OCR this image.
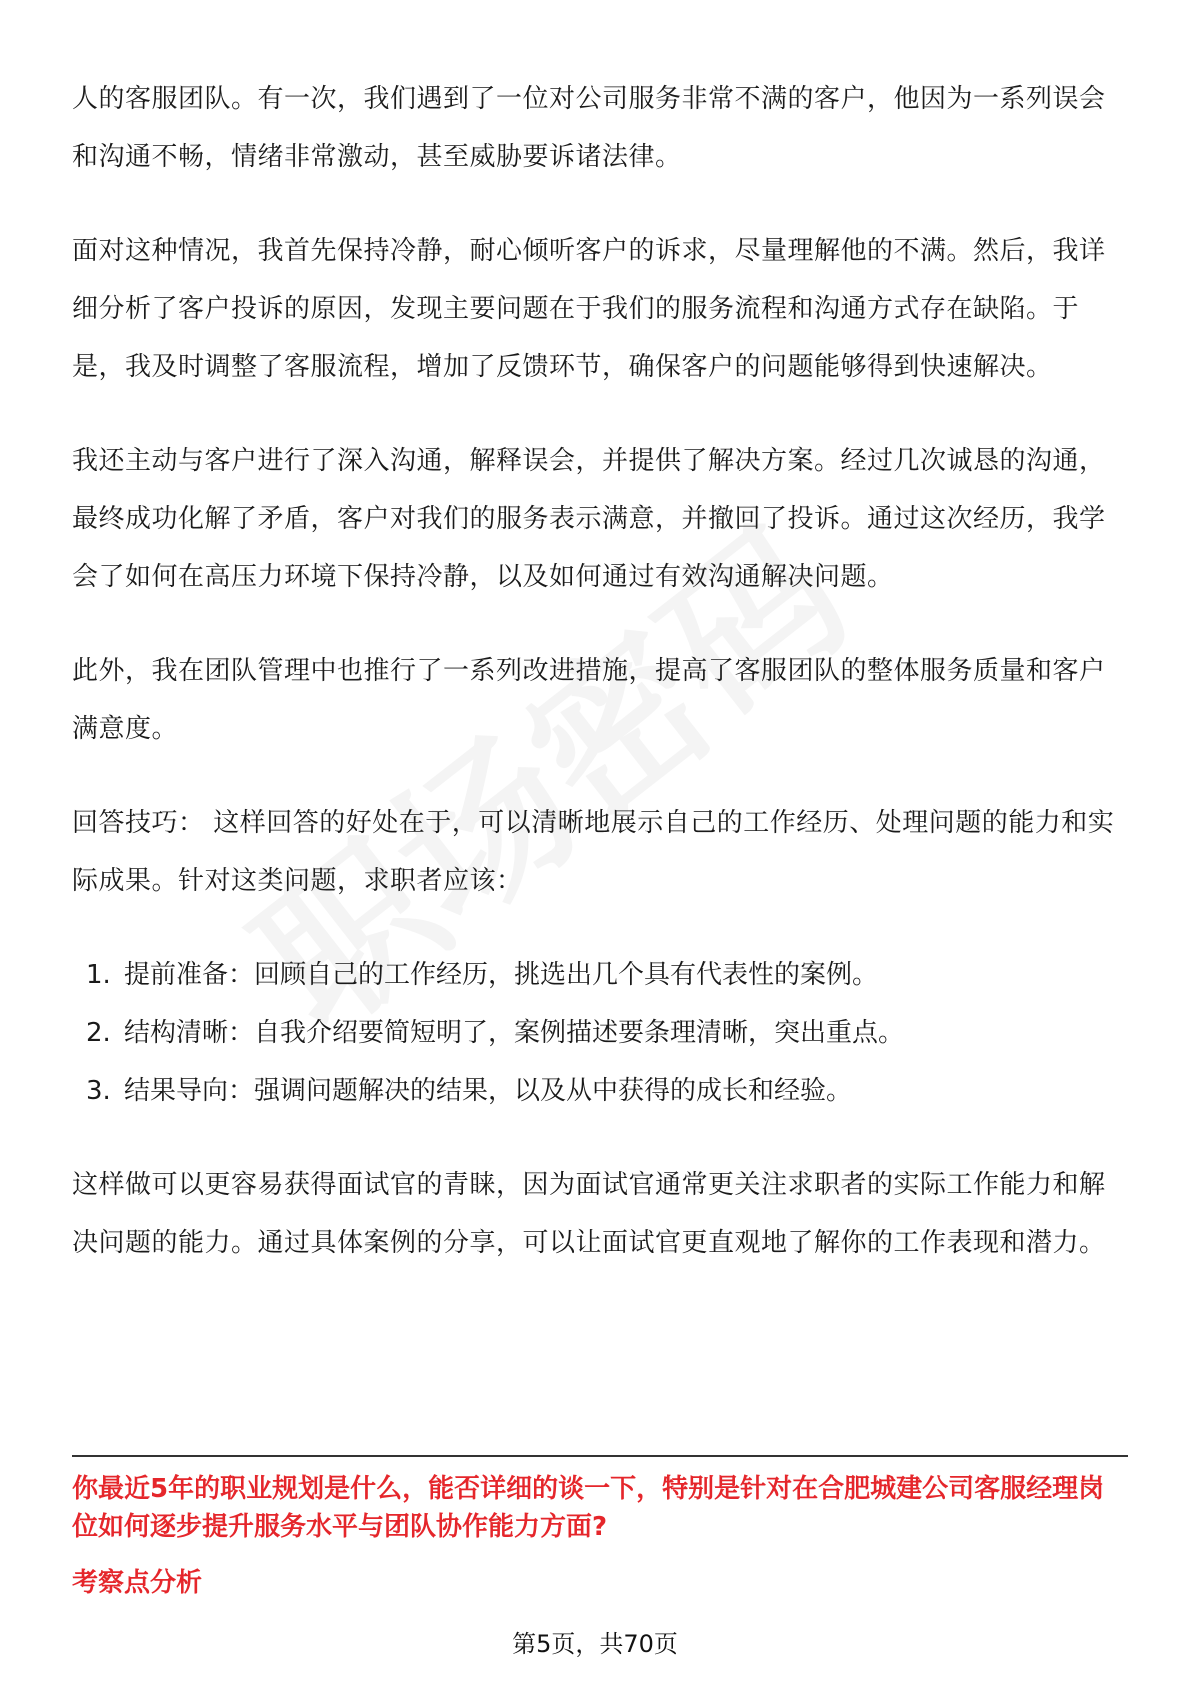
人的客服团队。有一次，我们遇到了一位对公司服务非常不满的客户，他因为一系列误会和沟通不畅，情绪非常激动，甚至威胁要诉诸法律。

面对这种情况，我首先保持冷静，耐心倾听客户的诉求，尽量理解他的不满。然后，我详细分析了客户投诉的原因，发现主要问题在于我们的服务流程和沟通方式存在缺陷。于是，我及时调整了客服流程，增加了反馈环节，确保客户的问题能够得到快速解决。

我还主动与客户进行了深入沟通，解释误会，并提供了解决方案。经过几次诚恳的沟通，最终成功化解了矛盾，客户对我们的服务表示满意，并撤回了投诉。通过这次经历，我学会了如何在高压力环境下保持冷静，以及如何通过有效沟通解决问题。

此外，我在团队管理中也推行了一系列改进措施，提高了客服团队的整体服务质量和客户满意度。

回答技巧： 这样回答的好处在于，可以清晰地展示自己的工作经历、处理问题的能力和实际成果。针对这类问题，求职者应该：

1. 提前准备：回顾自己的工作经历，挑选出几个具有代表性的案例。
2. 结构清晰：自我介绍要简短明了，案例描述要条理清晰，突出重点。
3. 结果导向：强调问题解决的结果，以及从中获得的成长和经验。

这样做可以更容易获得面试官的青睐，因为面试官通常更关注求职者的实际工作能力和解决问题的能力。通过具体案例的分享，可以让面试官更直观地了解你的工作表现和潜力。

你最近5年的职业规划是什么，能否详细的谈一下，特别是针对在合肥城建公司客服经理岗位如何逐步提升服务水平与团队协作能力方面?

考察点分析

第5页，共70页
